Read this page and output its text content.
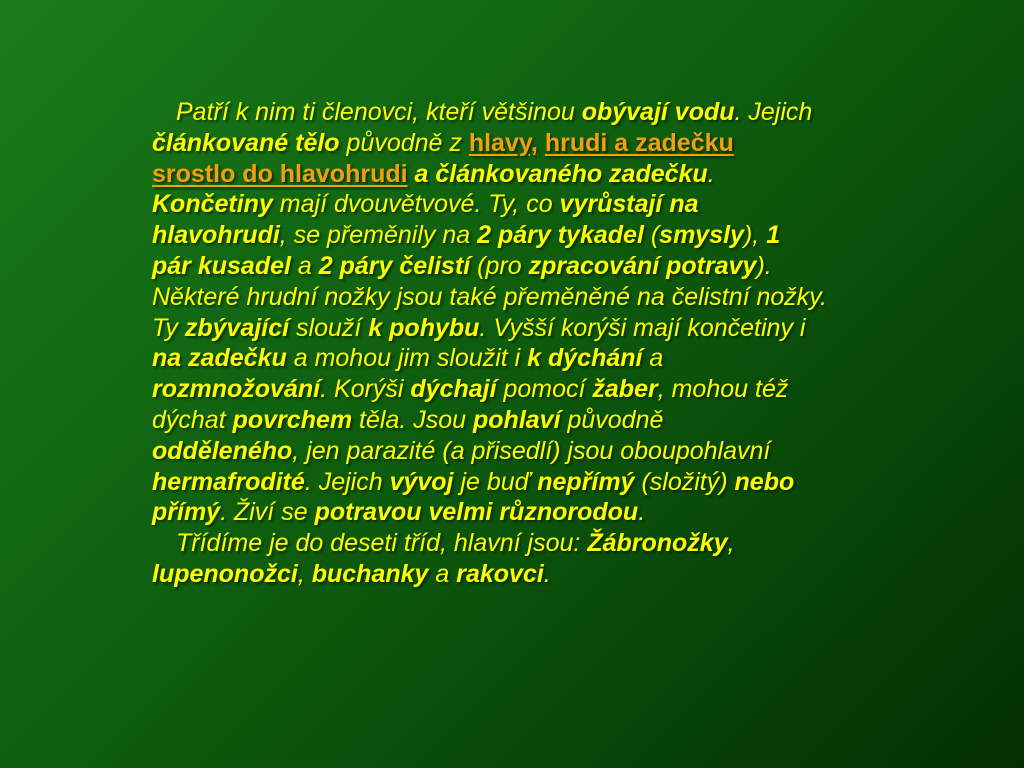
Patří k nim ti členovci, kteří většinou obývají vodu. Jejich
článkované tělo původně z hlavy, hrudi a zadečku
srostlo do hlavohrudi a článkovaného zadečku.
Končetiny mají dvouvětvové. Ty, co vyrůstají na
hlavohrudi, se přeměnily na 2 páry tykadel (smysly), 1
pár kusadel a 2 páry čelistí (pro zpracování potravy).
Některé hrudní nožky jsou také přeměněné na čelistní nožky.
Ty zbývající slouží k pohybu. Vyšší korýši mají končetiny i
na zadečku a mohou jim sloužit i k dýchání a
rozmnožování. Korýši dýchají pomocí žaber, mohou též
dýchat povrchem těla. Jsou pohlaví původně
odděleného, jen parazité (a přisedlí) jsou oboupohlavní
hermafrodité. Jejich vývoj je buď nepřímý (složitý) nebo
přímý. Živí se potravou velmi různorodou.
Třídíme je do deseti tříd, hlavní jsou: Žábronožky,
lupenonožci, buchanky a rakovci.
